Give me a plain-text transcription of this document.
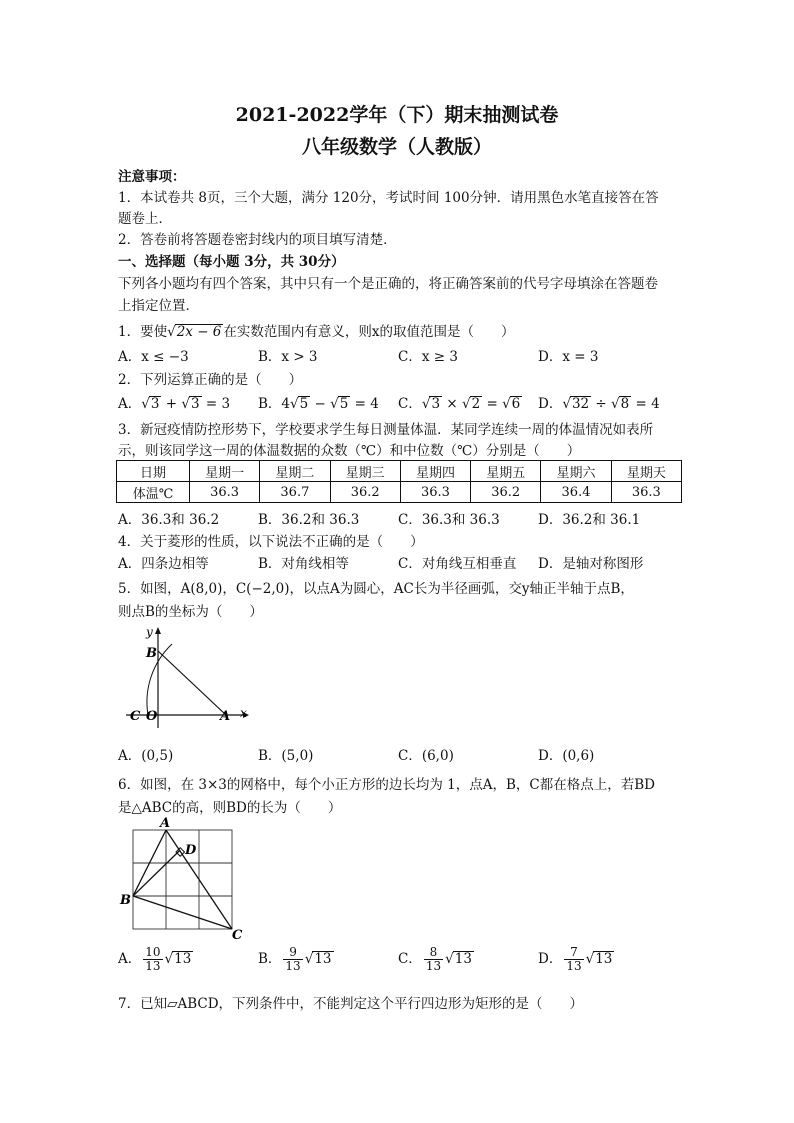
2021-2022学年（下）期末抽测试卷
八年级数学（人教版）
注意事项：
1．本试卷共 8页，三个大题，满分 120分，考试时间 100分钟．请用黑色水笔直接答在答
题卷上．
2．答卷前将答题卷密封线内的项目填写清楚．
一、选择题（每小题 3分，共 30分）
下列各小题均有四个答案，其中只有一个是正确的，将正确答案前的代号字母填涂在答题卷
上指定位置．
1．要使√2x − 6 在实数范围内有意义，则x的取值范围是（　　）
A．x ≤ −3	B．x > 3	C．x ≥ 3	D．x = 3
2．下列运算正确的是（　　）
A．√3 + √3 = 3 B．4√5 − √5 = 4 C．√3 × √2 = √6 D．√32 ÷ √8 = 4
3．新冠疫情防控形势下，学校要求学生每日测量体温．某同学连续一周的体温情况如表所
示，则该同学这一周的体温数据的众数（℃）和中位数（℃）分别是（　　）
日期	星期一	星期二	星期三	星期四	星期五	星期六	星期天
体温℃	36.3	36.7	36.2	36.3	36.2	36.4	36.3
A．36.3和 36.2	B．36.2和 36.3	C．36.3和 36.3	D．36.2和 36.1
4．关于菱形的性质，以下说法不正确的是（　　）
A．四条边相等	B．对角线相等	C．对角线互相垂直 D．是轴对称图形
5．如图，A(8,0)，C(−2,0)，以点A为圆心，AC长为半径画弧，交y轴正半轴于点B，
则点B的坐标为（　　）
y
x
B
C O	A
A．(0,5)	B．(5,0)	C．(6,0)	D．(0,6)
6．如图，在 3×3的网格中，每个小正方形的边长均为 1，点A，B，C都在格点上，若BD
是△ABC的高，则BD的长为（　　）
A
D
B
C
A． $\frac{10}{13} √13$	B． $\frac{9}{13} √13$	C． $\frac{8}{13} √13$	D． $\frac{7}{13} √13$
7．已知▱ABCD，下列条件中，不能判定这个平行四边形为矩形的是（　　）
